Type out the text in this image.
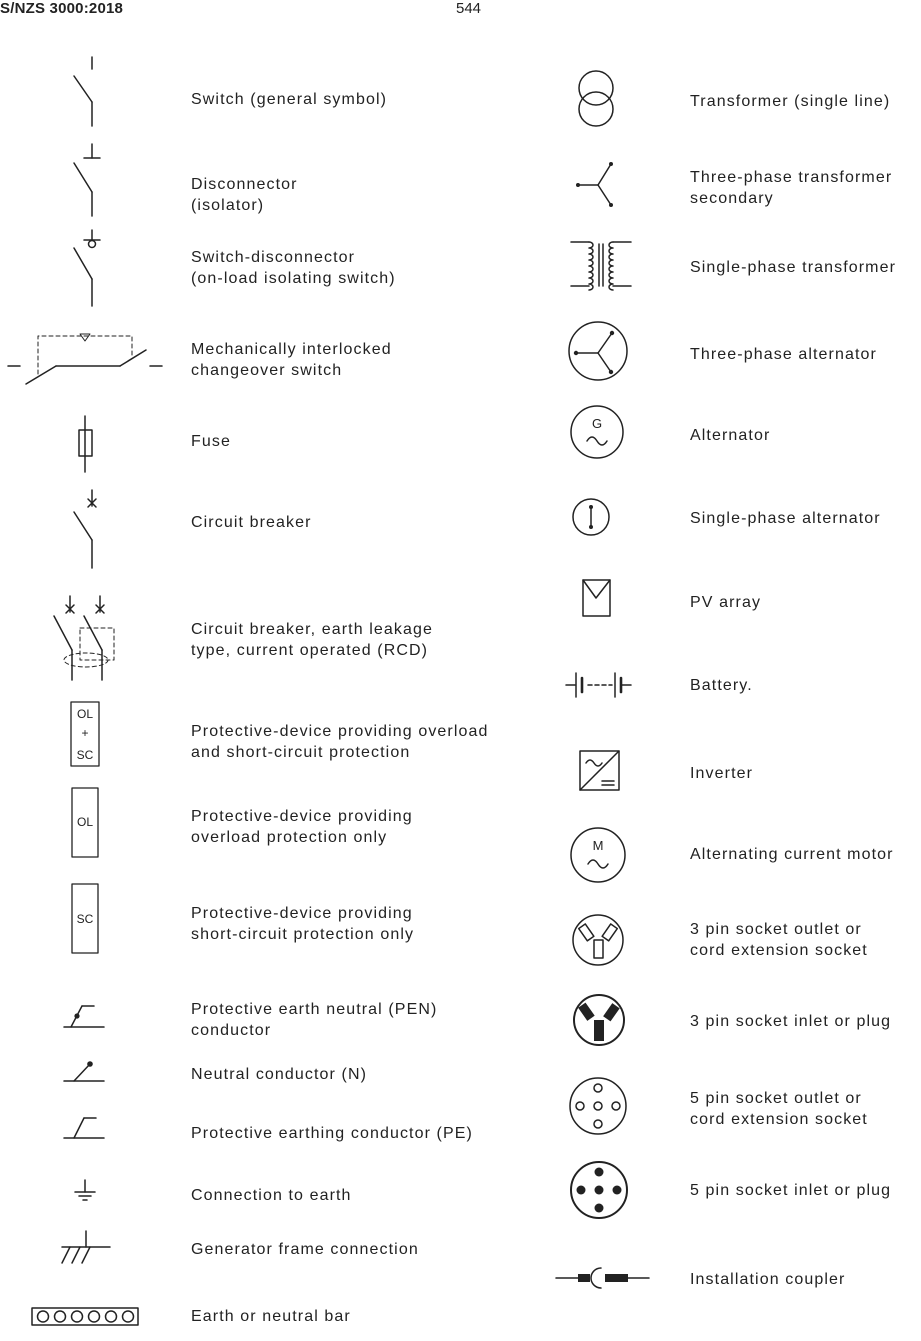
S/NZS 3000:2018	544
Switch (general symbol)
Disconnector
(isolator)
Switch-disconnector
(on-load isolating switch)
Mechanically interlocked
changeover switch
Fuse
Circuit breaker
Circuit breaker, earth leakage
type, current operated (RCD)
Protective-device providing overload
and short-circuit protection
Protective-device providing
overload protection only
Protective-device providing
short-circuit protection only
Protective earth neutral (PEN)
conductor
Neutral conductor (N)
Protective earthing conductor (PE)
Connection to earth
Generator frame connection
Earth or neutral bar
Transformer (single line)
Three-phase transformer
secondary
Single-phase transformer
Three-phase alternator
Alternator
Single-phase alternator
PV array
Battery.
Inverter
Alternating current motor
3 pin socket outlet or
cord extension socket
3 pin socket inlet or plug
5 pin socket outlet or
cord extension socket
5 pin socket inlet or plug
Installation coupler
OL
+
SC
OL
SC
G
M
